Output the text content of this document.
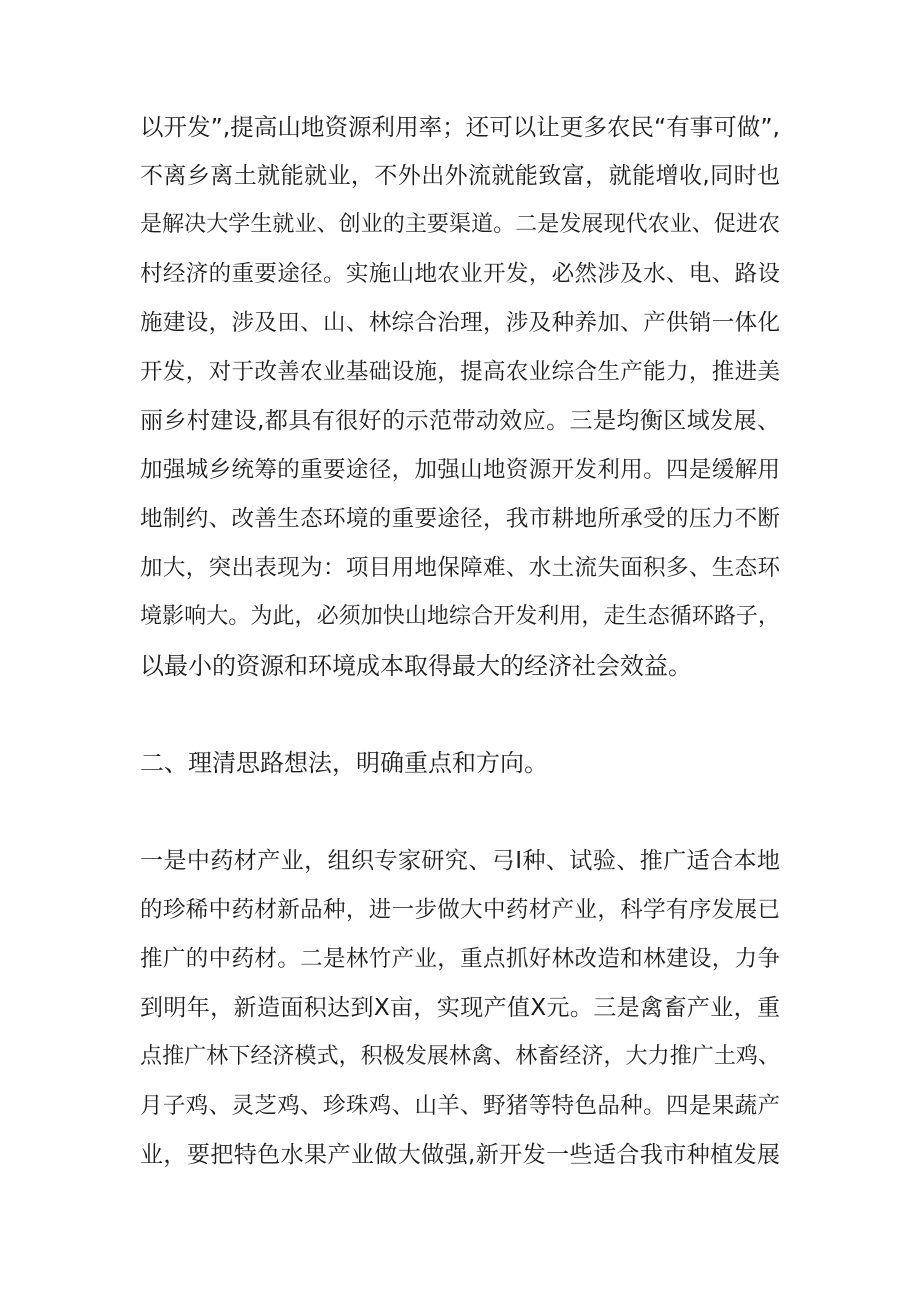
以开发”,提高山地资源利用率；还可以让更多农民“有事可做”,

不离乡离土就能就业，不外出外流就能致富，就能增收,同时也

是解决大学生就业、创业的主要渠道。二是发展现代农业、促进农

村经济的重要途径。实施山地农业开发，必然涉及水、电、路设

施建设，涉及田、山、林综合治理，涉及种养加、产供销一体化

开发，对于改善农业基础设施，提高农业综合生产能力，推进美

丽乡村建设,都具有很好的示范带动效应。三是均衡区域发展、

加强城乡统筹的重要途径，加强山地资源开发利用。四是缓解用

地制约、改善生态环境的重要途径，我市耕地所承受的压力不断

加大，突出表现为：项目用地保障难、水土流失面积多、生态环

境影响大。为此，必须加快山地综合开发利用，走生态循环路子，

以最小的资源和环境成本取得最大的经济社会效益。

二、理清思路想法，明确重点和方向。

一是中药材产业，组织专家研究、弓I种、试验、推广适合本地

的珍稀中药材新品种，进一步做大中药材产业，科学有序发展已

推广的中药材。二是林竹产业，重点抓好林改造和林建设，力争

到明年，新造面积达到X亩，实现产值X元。三是禽畜产业，重

点推广林下经济模式，积极发展林禽、林畜经济，大力推广土鸡、

月子鸡、灵芝鸡、珍珠鸡、山羊、野猪等特色品种。四是果蔬产

业，要把特色水果产业做大做强,新开发一些适合我市种植发展
